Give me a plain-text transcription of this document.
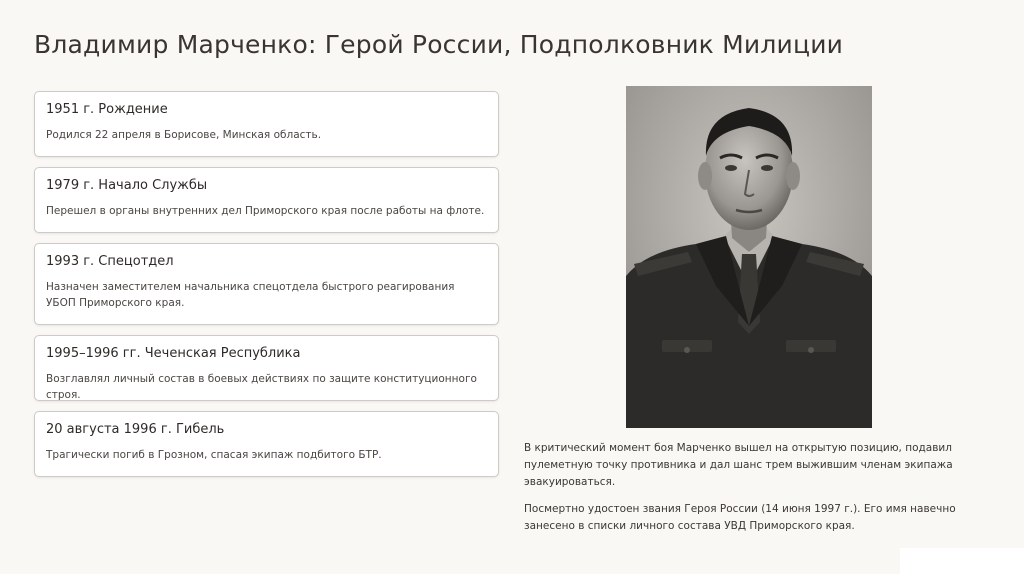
Владимир Марченко: Герой России, Подполковник Милиции
1951 г. Рождение
Родился 22 апреля в Борисове, Минская область.
1979 г. Начало Службы
Перешел в органы внутренних дел Приморского края после работы на флоте.
1993 г. Спецотдел
Назначен заместителем начальника спецотдела быстрого реагирования УБОП Приморского края.
1995–1996 гг. Чеченская Республика
Возглавлял личный состав в боевых действиях по защите конституционного строя.
20 августа 1996 г. Гибель
Трагически погиб в Грозном, спасая экипаж подбитого БТР.
В критический момент боя Марченко вышел на открытую позицию, подавил пулеметную точку противника и дал шанс трем выжившим членам экипажа эвакуироваться.
Посмертно удостоен звания Героя России (14 июня 1997 г.). Его имя навечно занесено в списки личного состава УВД Приморского края.
